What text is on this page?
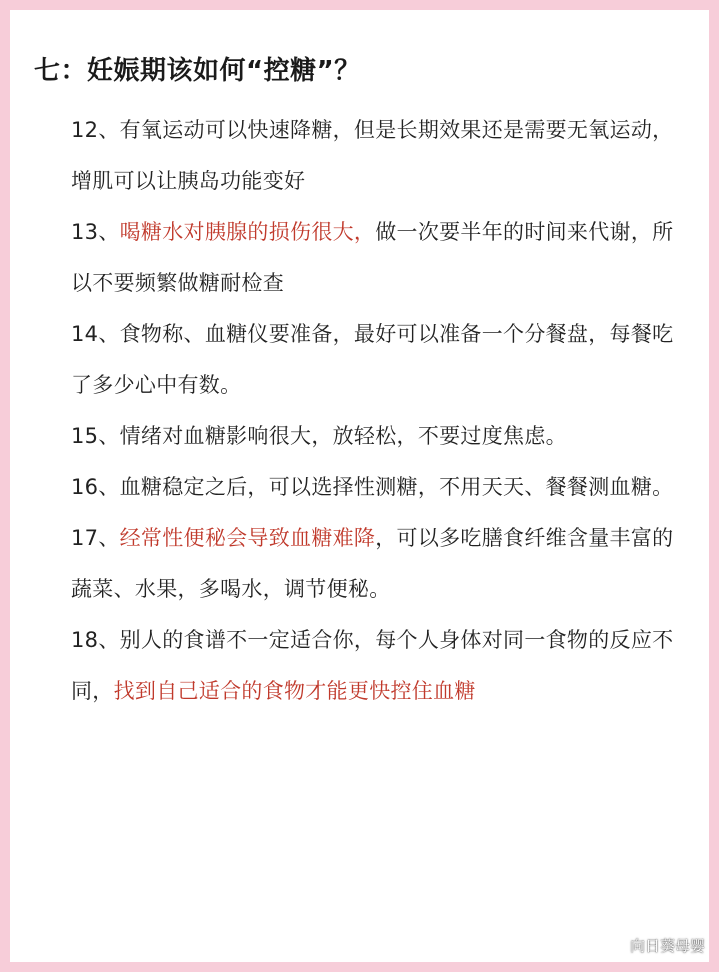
七：妊娠期该如何“控糖”？
12、有氧运动可以快速降糖，但是长期效果还是需要无氧运动，增肌可以让胰岛功能变好
13、喝糖水对胰腺的损伤很大，做一次要半年的时间来代谢，所以不要频繁做糖耐检查
14、食物称、血糖仪要准备，最好可以准备一个分餐盘，每餐吃了多少心中有数。
15、情绪对血糖影响很大，放轻松，不要过度焦虑。
16、血糖稳定之后，可以选择性测糖，不用天天、餐餐测血糖。
17、经常性便秘会导致血糖难降，可以多吃膳食纤维含量丰富的蔬菜、水果，多喝水，调节便秘。
18、别人的食谱不一定适合你，每个人身体对同一食物的反应不同，找到自己适合的食物才能更快控住血糖
向日葵母婴
